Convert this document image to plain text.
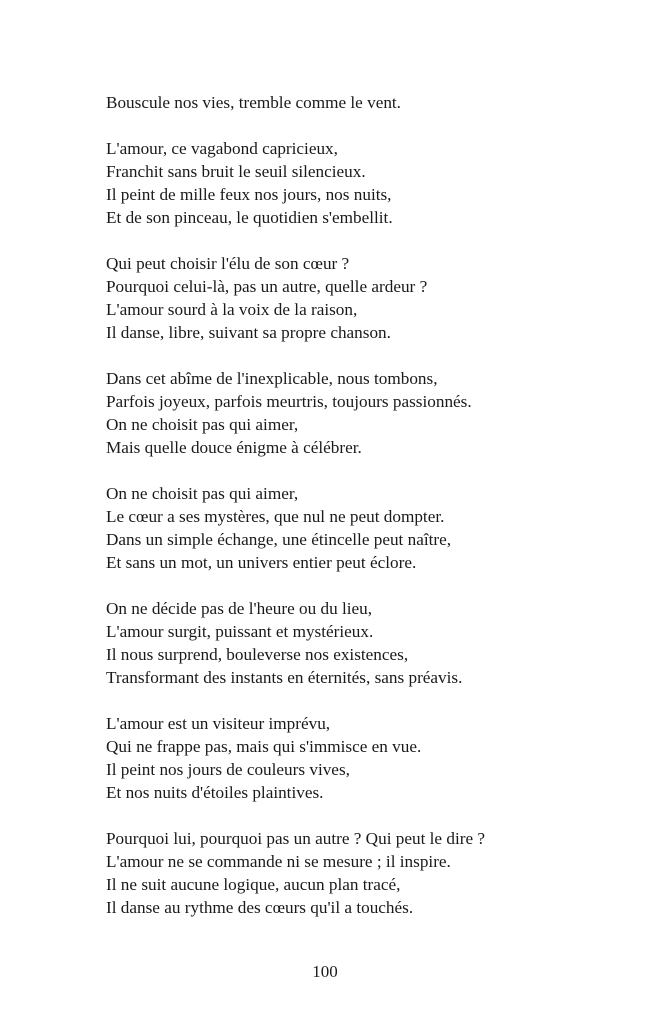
Bouscule nos vies, tremble comme le vent.
L'amour, ce vagabond capricieux,
Franchit sans bruit le seuil silencieux.
Il peint de mille feux nos jours, nos nuits,
Et de son pinceau, le quotidien s'embellit.
Qui peut choisir l'élu de son cœur ?
Pourquoi celui-là, pas un autre, quelle ardeur ?
L'amour sourd à la voix de la raison,
Il danse, libre, suivant sa propre chanson.
Dans cet abîme de l'inexplicable, nous tombons,
Parfois joyeux, parfois meurtris, toujours passionnés.
On ne choisit pas qui aimer,
Mais quelle douce énigme à célébrer.
On ne choisit pas qui aimer,
Le cœur a ses mystères, que nul ne peut dompter.
Dans un simple échange, une étincelle peut naître,
Et sans un mot, un univers entier peut éclore.
On ne décide pas de l'heure ou du lieu,
L'amour surgit, puissant et mystérieux.
Il nous surprend, bouleverse nos existences,
Transformant des instants en éternités, sans préavis.
L'amour est un visiteur imprévu,
Qui ne frappe pas, mais qui s'immisce en vue.
Il peint nos jours de couleurs vives,
Et nos nuits d'étoiles plaintives.
Pourquoi lui, pourquoi pas un autre ? Qui peut le dire ?
L'amour ne se commande ni se mesure ; il inspire.
Il ne suit aucune logique, aucun plan tracé,
Il danse au rythme des cœurs qu'il a touchés.
100
